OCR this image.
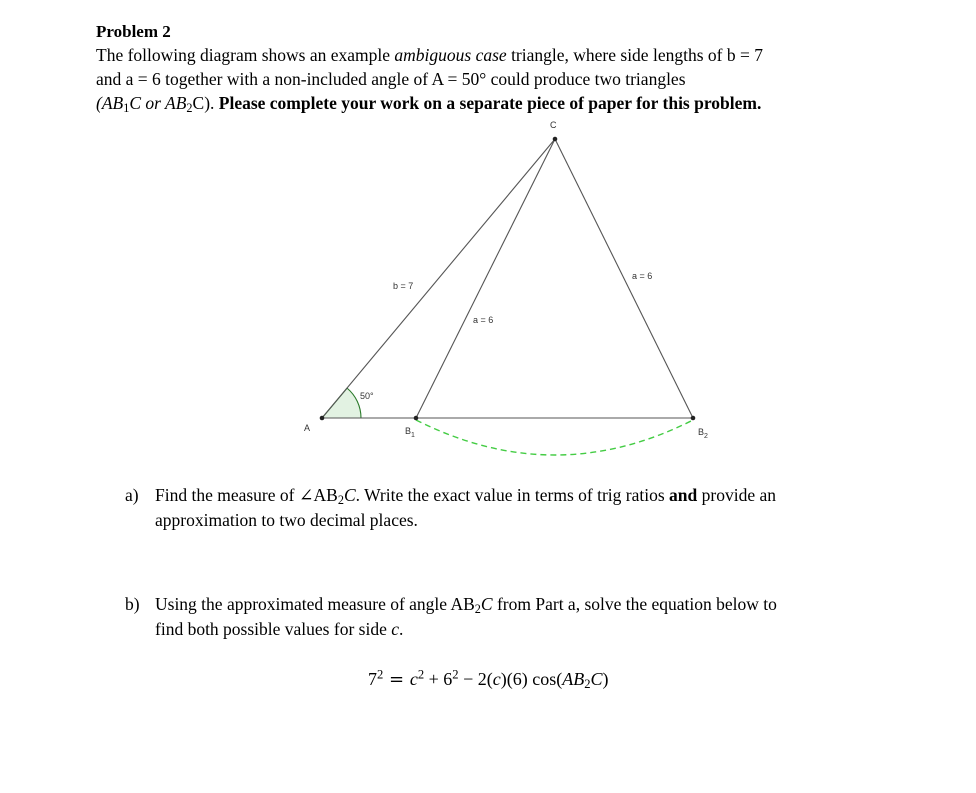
Problem 2
The following diagram shows an example ambiguous case triangle, where side lengths of b = 7
and a = 6 together with a non-included angle of A = 50° could produce two triangles
($AB_1C$ or $AB_2C$). Please complete your work on a separate piece of paper for this problem.
A
C
$B_1$	$B_2$
b = 7
a = 6
a = 6
50°
a) Find the measure of $\angle AB_2C$. Write the exact value in terms of trig ratios and provide an
approximation to two decimal places.
b) Using the approximated measure of angle $AB_2C$ from Part a, solve the equation below to
find both possible values for side c.
$7^2 = c^2 + 6^2 - 2(c)(6)$ $\cos(AB_2C)$
